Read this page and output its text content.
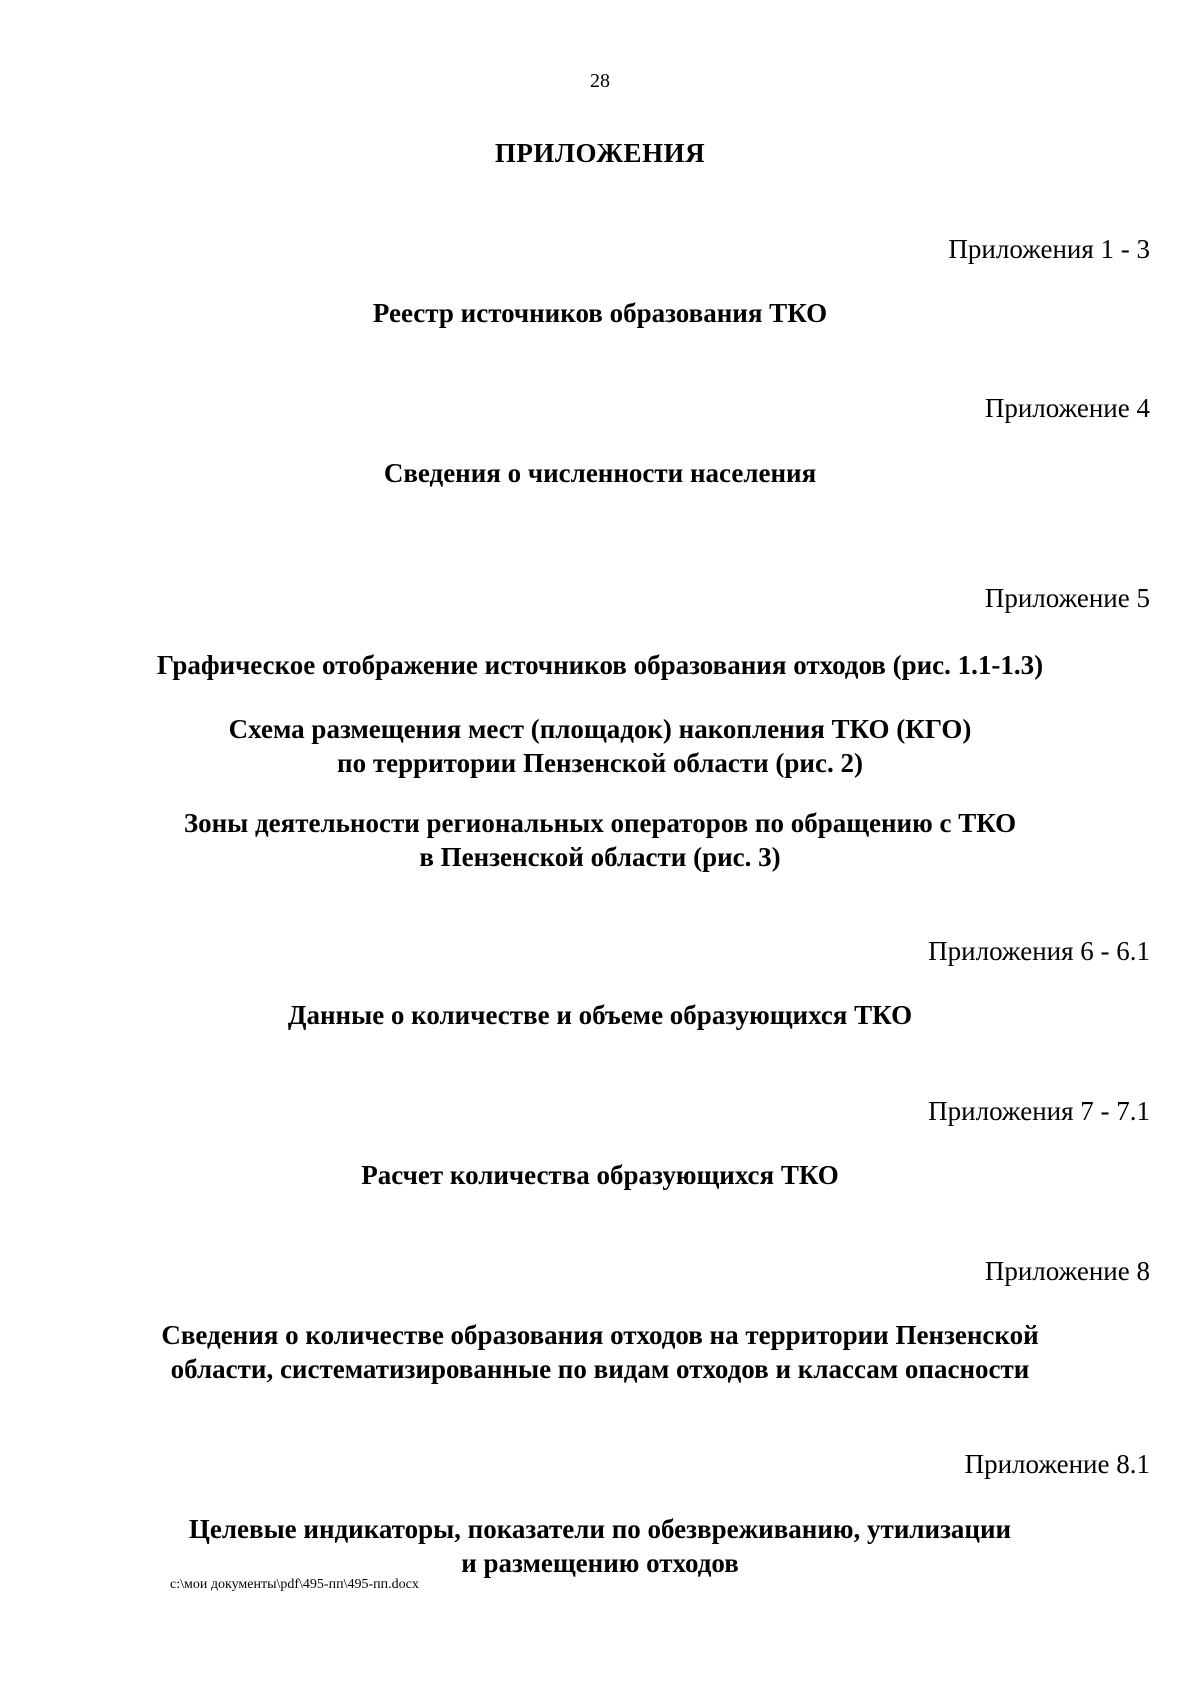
28
ПРИЛОЖЕНИЯ
Приложения 1 - 3
Реестр источников образования ТКО
Приложение 4
Сведения о численности населения
Приложение 5
Графическое отображение источников образования отходов (рис. 1.1-1.3)
Схема размещения мест (площадок) накопления ТКО (КГО)
по территории Пензенской области (рис. 2)
Зоны деятельности региональных операторов по обращению с ТКО
в Пензенской области (рис. 3)
Приложения 6 - 6.1
Данные о количестве и объеме образующихся ТКО
Приложения 7 - 7.1
Расчет количества образующихся ТКО
Приложение 8
Сведения о количестве образования отходов на территории Пензенской
области, систематизированные по видам отходов и классам опасности
Приложение 8.1
Целевые индикаторы, показатели по обезвреживанию, утилизации
и размещению отходов
c:\мои документы\pdf\495-пп\495-пп.docx
